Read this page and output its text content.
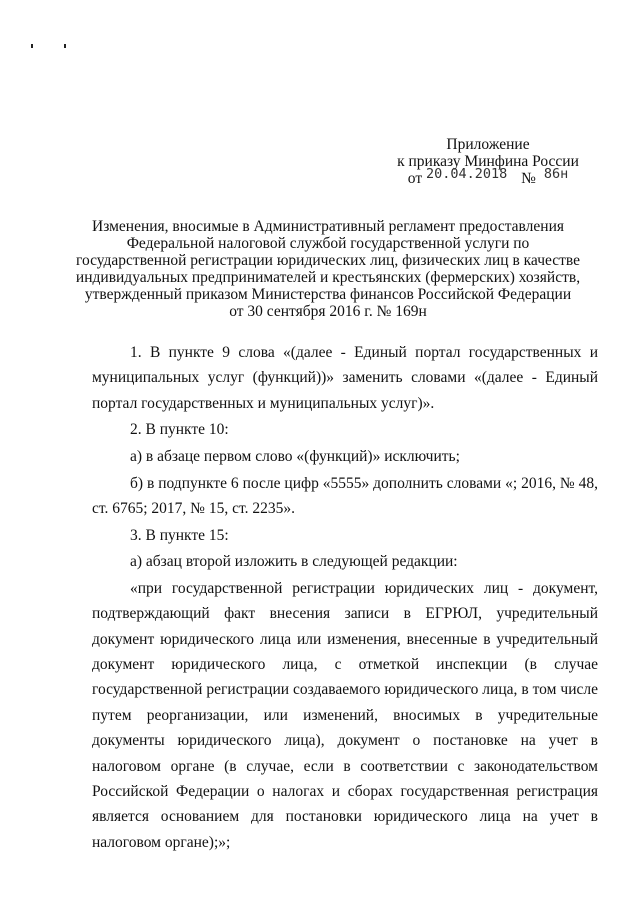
Приложение
к приказу Минфина России
от 20.04.2018 № 86н
Изменения, вносимые в Административный регламент предоставления
Федеральной налоговой службой государственной услуги по
государственной регистрации юридических лиц, физических лиц в качестве
индивидуальных предпринимателей и крестьянских (фермерских) хозяйств,
утвержденный приказом Министерства финансов Российской Федерации
от 30 сентября 2016 г. № 169н

1. В пункте 9 слова «(далее - Единый портал государственных и муниципальных услуг (функций))» заменить словами «(далее - Единый портал государственных и муниципальных услуг)».

2. В пункте 10:

а) в абзаце первом слово «(функций)» исключить;

б) в подпункте 6 после цифр «5555» дополнить словами «; 2016, № 48, ст. 6765; 2017, № 15, ст. 2235».

3. В пункте 15:

а) абзац второй изложить в следующей редакции:

«при государственной регистрации юридических лиц - документ, подтверждающий факт внесения записи в ЕГРЮЛ, учредительный документ юридического лица или изменения, внесенные в учредительный документ юридического лица, с отметкой инспекции (в случае государственной регистрации создаваемого юридического лица, в том числе путем реорганизации, или изменений, вносимых в учредительные документы юридического лица), документ о постановке на учет в налоговом органе (в случае, если в соответствии с законодательством Российской Федерации о налогах и сборах государственная регистрация является основанием для постановки юридического лица на учет в налоговом органе);»;
